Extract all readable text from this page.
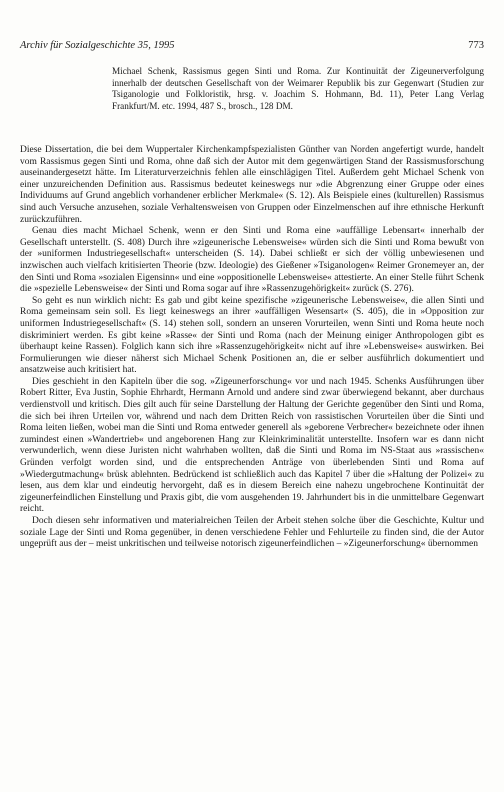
Archiv für Sozialgeschichte 35, 1995	773
Michael Schenk, Rassismus gegen Sinti und Roma. Zur Kontinuität der Zigeunerverfolgung innerhalb der deutschen Gesellschaft von der Weimarer Republik bis zur Gegenwart (Studien zur Tsiganologie und Folkloristik, hrsg. v. Joachim S. Hohmann, Bd. 11), Peter Lang Verlag Frankfurt/M. etc. 1994, 487 S., brosch., 128 DM.

Diese Dissertation, die bei dem Wuppertaler Kirchenkampfspezialisten Günther van Norden angefertigt wurde, handelt vom Rassismus gegen Sinti und Roma, ohne daß sich der Autor mit dem gegenwärtigen Stand der Rassismusforschung auseinandergesetzt hätte. Im Literaturverzeichnis fehlen alle einschlägigen Titel. Außerdem geht Michael Schenk von einer unzureichenden Definition aus. Rassismus bedeutet keineswegs nur »die Abgrenzung einer Gruppe oder eines Individuums auf Grund angeblich vorhandener erblicher Merkmale« (S. 12). Als Beispiele eines (kulturellen) Rassismus sind auch Versuche anzusehen, soziale Verhaltensweisen von Gruppen oder Einzelmenschen auf ihre ethnische Herkunft zurückzuführen.

Genau dies macht Michael Schenk, wenn er den Sinti und Roma eine »auffällige Lebensart« innerhalb der Gesellschaft unterstellt. (S. 408) Durch ihre »zigeunerische Lebensweise« würden sich die Sinti und Roma bewußt von der »uniformen Industriegesellschaft« unterscheiden (S. 14). Dabei schließt er sich der völlig unbewiesenen und inzwischen auch vielfach kritisierten Theorie (bzw. Ideologie) des Gießener »Tsiganologen« Reimer Gronemeyer an, der den Sinti und Roma »sozialen Eigensinn« und eine »oppositionelle Lebensweise« attestierte. An einer Stelle führt Schenk die »spezielle Lebensweise« der Sinti und Roma sogar auf ihre »Rassenzugehörigkeit« zurück (S. 276).

So geht es nun wirklich nicht: Es gab und gibt keine spezifische »zigeunerische Lebensweise«, die allen Sinti und Roma gemeinsam sein soll. Es liegt keineswegs an ihrer »auffälligen Wesensart« (S. 405), die in »Opposition zur uniformen Industriegesellschaft« (S. 14) stehen soll, sondern an unseren Vorurteilen, wenn Sinti und Roma heute noch diskriminiert werden. Es gibt keine »Rasse« der Sinti und Roma (nach der Meinung einiger Anthropologen gibt es überhaupt keine Rassen). Folglich kann sich ihre »Rassenzugehörigkeit« nicht auf ihre »Lebensweise« auswirken. Bei Formulierungen wie dieser näherst sich Michael Schenk Positionen an, die er selber ausführlich dokumentiert und ansatzweise auch kritisiert hat.

Dies geschieht in den Kapiteln über die sog. »Zigeunerforschung« vor und nach 1945. Schenks Ausführungen über Robert Ritter, Eva Justin, Sophie Ehrhardt, Hermann Arnold und andere sind zwar überwiegend bekannt, aber durchaus verdienstvoll und kritisch. Dies gilt auch für seine Darstellung der Haltung der Gerichte gegenüber den Sinti und Roma, die sich bei ihren Urteilen vor, während und nach dem Dritten Reich von rassistischen Vorurteilen über die Sinti und Roma leiten ließen, wobei man die Sinti und Roma entweder generell als »geborene Verbrecher« bezeichnete oder ihnen zumindest einen »Wandertrieb« und angeborenen Hang zur Kleinkriminalität unterstellte. Insofern war es dann nicht verwunderlich, wenn diese Juristen nicht wahrhaben wollten, daß die Sinti und Roma im NS-Staat aus »rassischen« Gründen verfolgt worden sind, und die entsprechenden Anträge von überlebenden Sinti und Roma auf »Wiedergutmachung« brüsk ablehnten. Bedrückend ist schließlich auch das Kapitel 7 über die »Haltung der Polizei« zu lesen, aus dem klar und eindeutig hervorgeht, daß es in diesem Bereich eine nahezu ungebrochene Kontinuität der zigeunerfeindlichen Einstellung und Praxis gibt, die vom ausgehenden 19. Jahrhundert bis in die unmittelbare Gegenwart reicht.

Doch diesen sehr informativen und materialreichen Teilen der Arbeit stehen solche über die Geschichte, Kultur und soziale Lage der Sinti und Roma gegenüber, in denen verschiedene Fehler und Fehlurteile zu finden sind, die der Autor ungeprüft aus der – meist unkritischen und teilweise notorisch zigeunerfeindlichen – »Zigeunerforschung« übernommen
